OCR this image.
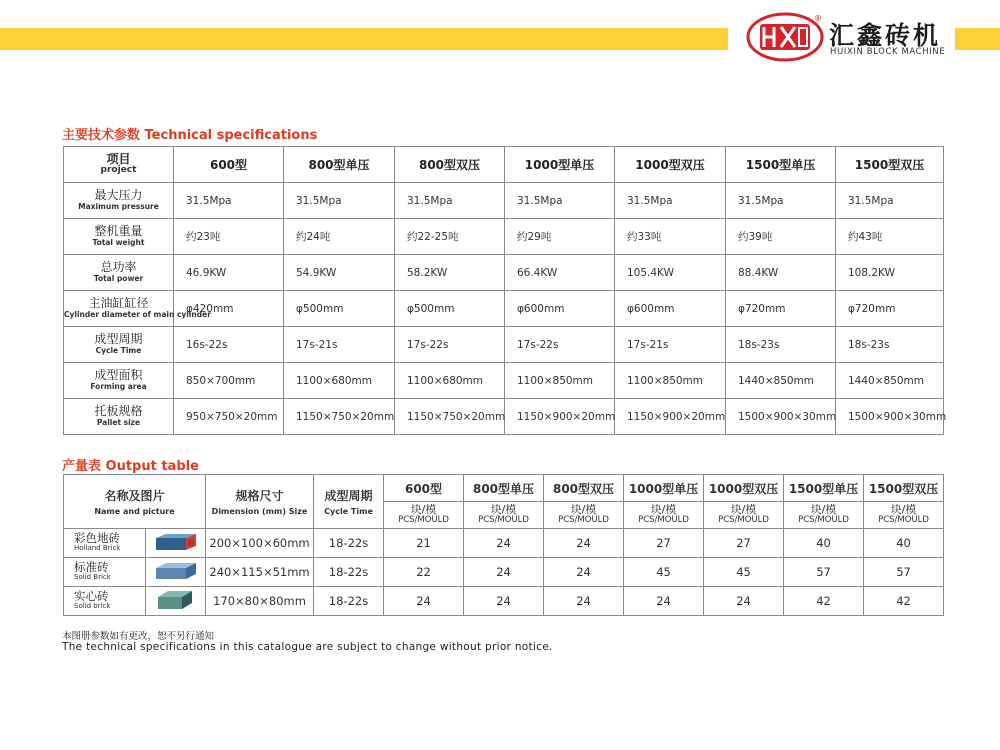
®
汇鑫砖机
HUIXIN BLOCK MACHINE
主要技术参数 Technical specifications
项目
project	600型	800型单压	800型双压	1000型单压	1000型双压	1500型单压	1500型双压

最大压力
Maximum pressure	31.5Mpa	31.5Mpa	31.5Mpa	31.5Mpa	31.5Mpa	31.5Mpa	31.5Mpa

整机重量
Total weight	约23吨	约24吨	约22-25吨	约29吨	约33吨	约39吨	约43吨

总功率
Total power	46.9KW	54.9KW	58.2KW	66.4KW	105.4KW	88.4KW	108.2KW

主油缸缸径
Cylinder diameter of main cylinder	φ420mm	φ500mm	φ500mm	φ600mm	φ600mm	φ720mm	φ720mm

成型周期
Cycle Time	16s-22s	17s-21s	17s-22s	17s-22s	17s-21s	18s-23s	18s-23s

成型面积
Forming area	850×700mm	1100×680mm	1100×680mm	1100×850mm	1100×850mm	1440×850mm	1440×850mm

托板规格
Pallet size	950×750×20mm	1150×750×20mm	1150×750×20mm	1150×900×20mm	1150×900×20mm	1500×900×30mm	1500×900×30mm
产量表 Output table
名称及图片
Name and picture		规格尺寸
Dimension (mm) Size	成型周期
Cycle Time	600型	800型单压	800型双压	1000型单压	1000型双压	1500型单压	1500型双压

				块/模
PCS/MOULD	块/模
PCS/MOULD	块/模
PCS/MOULD	块/模
PCS/MOULD	块/模
PCS/MOULD	块/模
PCS/MOULD	块/模
PCS/MOULD

彩色地砖
Holland Brick		200×100×60mm	18-22s	21	24	24	27	27	40	40

标准砖
Solid Brick		240×115×51mm	18-22s	22	24	24	45	45	57	57

实心砖
Solid brick		170×80×80mm	18-22s	24	24	24	24	24	42	42
本图册参数如有更改，恕不另行通知
The technical specifications in this catalogue are subject to change without prior notice.
